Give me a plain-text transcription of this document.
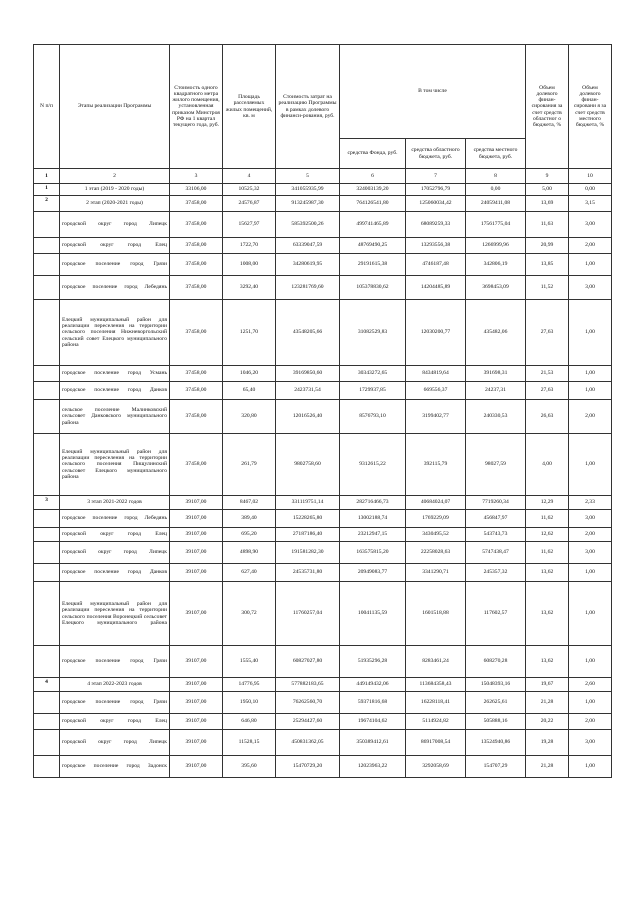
N п/п	Этапы реализации Программы	Стоимость одного квадратного метра жилого помещения, установленная приказом Минстроя РФ на 1 квартал текущего года, руб.	Площадь расселяемых жилых помещений, кв. м	Стоимость затрат на реализацию Программы в рамках долевого финанси-рования, руб.	В том числе			Объем долевого финан-сирования за счет средств областног о бюджета, %	Объем долевого финан-сировани я за счет средств местного бюджета, %
					средства Фонда, руб.	средства областного бюджета, руб.	средства местного бюджета, руб.		
1	2	3	4	5	6	7	8	9	10
1	1 этап (2019 - 2020 годы)	33106,00	10525,32	341055935,99	324003139,20	17052796,79	0,00	5,00	0,00
2	2 этап (2020-2021 годы)	37458,00	24576,87	913245987,30	764126541,80	125060034,42	24059411,08	13,69	3,15
	городской округ город Липецк	37458,00	15627,97	585392500,26	499741465,89	68089259,33	17561775,04	11,63	3,00
	городской округ город Елец	37458,00	1722,70	63339047,59	48769490,25	13293556,38	1266999,96	20,99	2,00
	городское поселение город Грязи	37458,00	1008,00	34280619,95	29191615,38	4746187,48	342806,19	13,85	1,00
	городское поселение город Лебедянь	37458,00	3292,40	123281769,60	105378830,62	14204485,89	3698453,09	11,52	3,00
	Елецкий муниципальный район для реализации переселения на территории сельского поселения Нижневоргольский сельский совет Елецкого муниципального района	37458,00	1251,70	43548205,66	31082529,83	12030200,77	435482,06	27,63	1,00
	городское поселение город Усмань	37458,00	1046,20	39169850,60	30343272,65	8434819,64	391698,31	21,53	1,00
	городское поселение город Данков	37458,00	65,40	2423731,54	1729937,85	669556,37	24237,31	27,63	1,00
	сельское поселение Малинковский сельсовет Данковского муниципального района	37458,00	320,80	12016526,40	8576793,10	3199402,77	240330,53	26,63	2,00
	Елецкий муниципальный район для реализации переселения на территории сельского поселения Пищулинский сельсовет Елецкого муниципального района	37458,00	261,79	9802758,60	9312615,22	392115,79	98027,59	4,00	1,00
3	3 этап 2021-2022 годов	39107,00	8467,02	331119751,14	282716466,73	40684024,07	7719260,34	12,29	2,33
	городское поселение город Лебедянь	39107,00	389,40	15228265,80	13002188,74	1769229,09	456847,97	11,62	3,00
	городской округ город Елец	39107,00	695,20	27187186,40	23212947,15	3430495,52	543743,73	12,62	2,00
	городской округ город Липецк	39107,00	4898,90	191581282,30	163575815,20	22258028,63	5747438,47	11,62	3,00
	городское поселение город Данков	39107,00	627,40	24535731,80	20949083,77	3341290,71	245357,32	13,62	1,00
	Елецкий муниципальный район для реализации переселения на территории сельского поселения Воронецкий сельсовет Елецкого муниципального района	39107,00	300,72	11760257,04	10041135,59	1601518,88	117602,57	13,62	1,00
	городское поселение город Грязи	39107,00	1555,40	60827027,80	51935296,28	8283461,24	608270,28	13,62	1,00
4	4 этап 2022-2023 годов	39107,00	14776,95	577882183,65	449149432,06	113684358,43	15048393,16	19,67	2,60
	городское поселение город Грязи	39107,00	1950,10	76262560,70	59371816,68	16228118,41	262625,61	21,28	1,00
	городской округ город Елец	39107,00	646,80	25294427,60	19674104,62	5114924,82	505888,16	20,22	2,00
	городской округ город Липецк	39107,00	11528,15	450831362,05	350389412,61	86917008,54	13524940,86	19,28	3,00
	городское поселение город Задонск	39107,00	395,60	15470729,20	12023963,22	3292058,69	154707,29	21,28	1,00
